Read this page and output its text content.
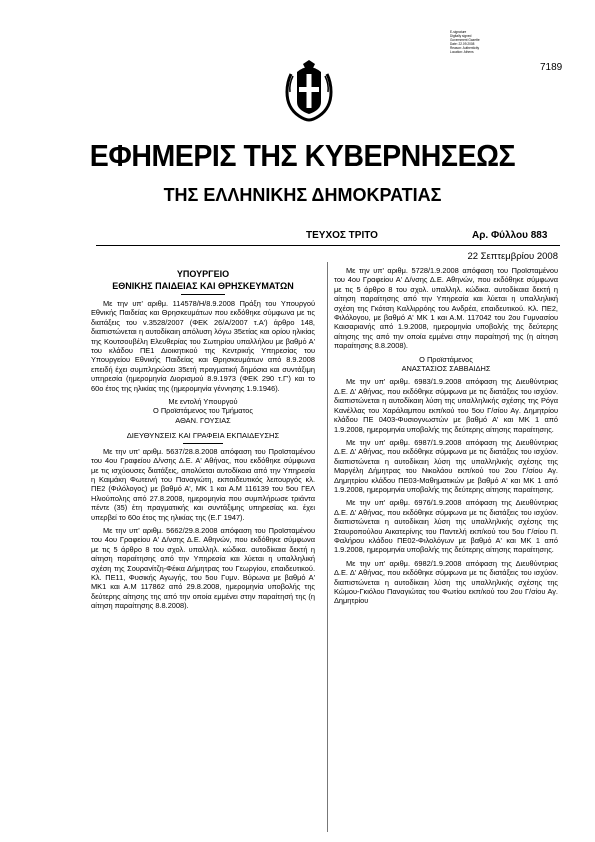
E-signature
Digitally signed
Government Gazette
Date: 22.09.2008
Reason: Authenticity
Location: Athens
7189
ΕΦΗΜΕΡΙΣ ΤΗΣ ΚΥΒΕΡΝΗΣΕΩΣ
ΤΗΣ ΕΛΛΗΝΙΚΗΣ ΔΗΜΟΚΡΑΤΙΑΣ
ΤΕΥΧΟΣ ΤΡΙΤΟ	Αρ. Φύλλου 883
22 Σεπτεμβρίου 2008
ΥΠΟΥΡΓΕΙΟ
ΕΘΝΙΚΗΣ ΠΑΙΔΕΙΑΣ ΚΑΙ ΘΡΗΣΚΕΥΜΑΤΩΝ

Με την υπ' αριθμ. 114578/Η/8.9.2008 Πράξη του Υπουργού Εθνικής Παιδείας και Θρησκευμάτων που εκδόθηκε σύμφωνα με τις διατάξεις του ν.3528/2007 (ΦΕΚ 26/Α/2007 τ.Α') άρθρο 148, διαπιστώνεται η αυτοδίκαιη απόλυση λόγω 35ετίας και ορίου ηλικίας της Κουτσουβέλη Ελευθερίας του Σωτηρίου υπαλλήλου με βαθμό Α' του κλάδου ΠΕ1 Διοικητικού της Κεντρικής Υπηρεσίας του Υπουργείου Εθνικής Παιδείας και Θρησκευμάτων από 8.9.2008 επειδή έχει συμπληρώσει 35ετή πραγματική δημόσια και συντάξιμη υπηρεσία (ημερομηνία Διορισμού 8.9.1973 (ΦΕΚ 290 τ.Γ') και το 60ο έτος της ηλικίας της (ημερομηνία γέννησης 1.9.1946).

Με εντολή Υπουργού

Ο Προϊστάμενος του Τμήματος

ΑΘΑΝ. ΓΟΥΣΙΑΣ

ΔΙΕΥΘΥΝΣΕΙΣ ΚΑΙ ΓΡΑΦΕΙΑ ΕΚΠΑΙΔΕΥΣΗΣ

Με την υπ' αριθμ. 5637/28.8.2008 απόφαση του Προϊσταμένου του 4ου Γραφείου Δ/νσης Δ.Ε. Α' Αθήνας, που εκδόθηκε σύμφωνα με τις ισχύουσες διατάξεις, απολύεται αυτοδίκαια από την Υπηρεσία η Καιμάκη Φωτεινή του Παναγιώτη, εκπαιδευτικός λειτουργός κλ. ΠΕ2 (Φιλόλογος) με βαθμό Α', ΜΚ 1 και Α.Μ 116139 του 5ου ΓΕΛ Ηλιούπολης από 27.8.2008, ημερομηνία που συμπλήρωσε τριάντα πέντε (35) έτη πραγματικής και συντάξιμης υπηρεσίας κα. έχει υπερβεί το 60ο έτος της ηλικίας της (Ε.Γ 1947).

Με την υπ' αριθμ. 5662/29.8.2008 απόφαση του Προϊσταμένου του 4ου Γραφείου Α' Δ/νσης Δ.Ε. Αθηνών, που εκδόθηκε σύμφωνα με τις 5 άρθρο 8 του σχολ. υπαλληλ. κώδικα. αυτοδίκαια δεκτή η αίτηση παραίτησης από την Υπηρεσία και λύεται η υπαλληλική σχέση της Σουρανίτζη-Φέικα Δήμητρας του Γεωργίου, επαιδευτικού. Κλ. ΠΕ11, Φυσικής Αγωγής, του 5ου Γυμν. Βύρωνα με βαθμό Α' ΜΚ1 και Α.Μ 117862 από 29.8.2008, ημερομηνία υποβολής της δεύτερης αίτησης της από την οποία εμμένει στην παραίτησή της (η αίτηση παραίτησης 8.8.2008).

Με την υπ' αριθμ. 5728/1.9.2008 απόφαση του Προϊσταμένου του 4ου Γραφείου Α' Δ/νσης Δ.Ε. Αθηνών, που εκδόθηκε σύμφωνα με τις 5 άρθρο 8 του σχολ. υπαλληλ. κώδικα. αυτοδίκαια δεκτή η αίτηση παραίτησης από την Υπηρεσία και λύεται η υπαλληλική σχέση της Γκότση Καλλιρρόης του Ανδρέα, επαιδευτικού. Κλ. ΠΕ2, Φιλόλογου, με βαθμό Α' ΜΚ 1 και Α.Μ. 117042 του 2ου Γυμνασίου Καισαριανής από 1.9.2008, ημερομηνία υποβολής της δεύτερης αίτησης της από την οποία εμμένει στην παραίτησή της (η αίτηση παραίτησης 8.8.2008).

Ο Προϊστάμενος

ΑΝΑΣΤΑΣΙΟΣ ΣΑΒΒΑΙΔΗΣ

Με την υπ' αριθμ. 6983/1.9.2008 απόφαση της Διευθύντριας Δ.Ε. Δ' Αθήνας, που εκδόθηκε σύμφωνα με τις διατάξεις του ισχύον. διαπιστώνεται η αυτοδίκαιη λύση της υπαλληλικής σχέσης της Ρόγα Κανέλλας του Χαράλαμπου εκπ/κού του 5ου Γ/σίου Αγ. Δημητρίου κλάδου ΠΕ 0403-Φυσιογνωστών με βαθμό Α' και ΜΚ 1 από 1.9.2008, ημερομηνία υποβολής της δεύτερης αίτησης παραίτησης.

Με την υπ' αριθμ. 6987/1.9.2008 απόφαση της Διευθύντριας Δ.Ε. Δ' Αθήνας, που εκδόθηκε σύμφωνα με τις διατάξεις του ισχύον. διαπιστώνεται η αυτοδίκαιη λύση της υπαλληλικής σχέσης της Μαργέλη Δήμητρας του Νικολάου εκπ/κού του 2ου Γ/σίου Αγ. Δημητρίου κλάδου ΠΕ03-Μαθηματικών με βαθμό Α' και ΜΚ 1 από 1.9.2008, ημερομηνία υποβολής της δεύτερης αίτησης παραίτησης.

Με την υπ' αριθμ. 6976/1.9.2008 απόφαση της Διευθύντριας Δ.Ε. Δ' Αθήνας, που εκδόθηκε σύμφωνα με τις διατάξεις του ισχύον. διαπιστώνεται η αυτοδίκαιη λύση της υπαλληλικής σχέσης της Σταυροπούλου Αικατερίνης του Παντελή εκπ/κού του 5ου Γ/σίου Π. Φαλήρου κλάδου ΠΕ02-Φιλολόγων με βαθμό Α' και ΜΚ 1 από 1.9.2008, ημερομηνία υποβολής της δεύτερης αίτησης παραίτησης.

Με την υπ' αριθμ. 6982/1.9.2008 απόφαση της Διευθύντριας Δ.Ε. Δ' Αθήνας, που εκδόθηκε σύμφωνα με τις διατάξεις του ισχύον. διαπιστώνεται η αυτοδίκαιη λύση της υπαλληλικής σχέσης της Κώμου-Γκιόλου Παναγιώτας του Φωτίου εκπ/κού του 2ου Γ/σίου Αγ. Δημητρίου
